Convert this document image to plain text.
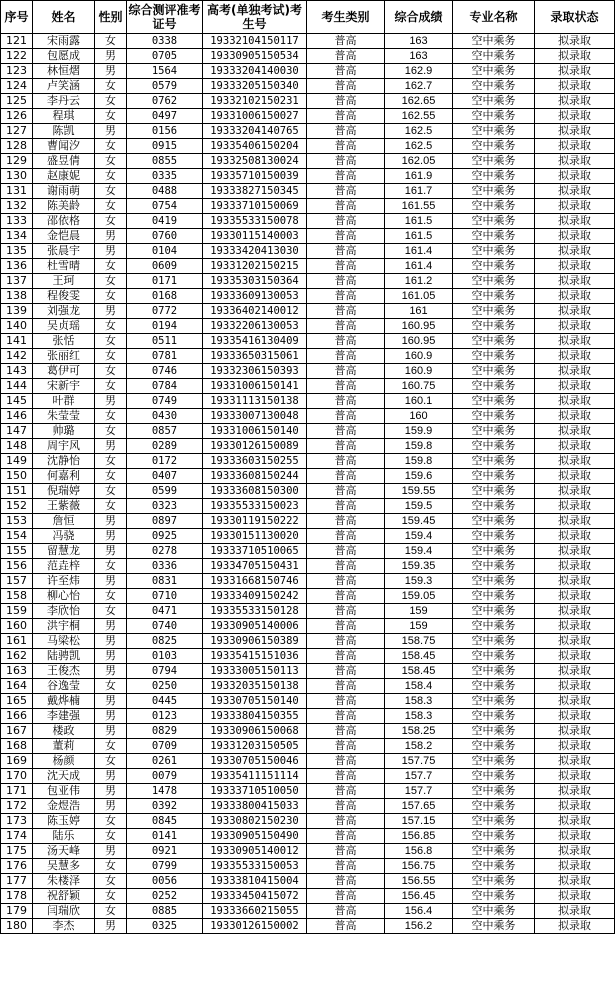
序号	姓名	性别	综合测评准考证号	高考(单独考试)考生号	考生类别	综合成绩	专业名称	录取状态
121	宋雨露	女	0338	19332104150117	普高	163	空中乘务	拟录取
122	包愿成	男	0705	19330905150534	普高	163	空中乘务	拟录取
123	林恒熠	男	1564	19333204140030	普高	162.9	空中乘务	拟录取
124	卢笑涵	女	0579	19333205150340	普高	162.7	空中乘务	拟录取
125	李丹云	女	0762	19332102150231	普高	162.65	空中乘务	拟录取
126	程琪	女	0497	19331006150027	普高	162.55	空中乘务	拟录取
127	陈凯	男	0156	19333204140765	普高	162.5	空中乘务	拟录取
128	曹闻汐	女	0915	19335406150204	普高	162.5	空中乘务	拟录取
129	盛昱倩	女	0855	19332508130024	普高	162.05	空中乘务	拟录取
130	赵康妮	女	0335	19335710150039	普高	161.9	空中乘务	拟录取
131	谢雨萌	女	0488	19333827150345	普高	161.7	空中乘务	拟录取
132	陈美龄	女	0754	19333710150069	普高	161.55	空中乘务	拟录取
133	邵依格	女	0419	19335533150078	普高	161.5	空中乘务	拟录取
134	金恺晨	男	0760	19330115140003	普高	161.5	空中乘务	拟录取
135	张晨宇	男	0104	19333420413030	普高	161.4	空中乘务	拟录取
136	杜雪晴	女	0609	19331202150215	普高	161.4	空中乘务	拟录取
137	王珂	女	0171	19335303150364	普高	161.2	空中乘务	拟录取
138	程俊雯	女	0168	19333609130053	普高	161.05	空中乘务	拟录取
139	刘强龙	男	0772	19336402140012	普高	161	空中乘务	拟录取
140	吴贞瑶	女	0194	19332206130053	普高	160.95	空中乘务	拟录取
141	张恬	女	0511	19335416130409	普高	160.95	空中乘务	拟录取
142	张丽红	女	0781	19333650315061	普高	160.9	空中乘务	拟录取
143	葛伊可	女	0746	19332306150393	普高	160.9	空中乘务	拟录取
144	宋新宇	女	0784	19331006150141	普高	160.75	空中乘务	拟录取
145	叶群	男	0749	19331113150138	普高	160.1	空中乘务	拟录取
146	朱莹莹	女	0430	19333007130048	普高	160	空中乘务	拟录取
147	帅璐	女	0857	19331006150140	普高	159.9	空中乘务	拟录取
148	周宇风	男	0289	19330126150089	普高	159.8	空中乘务	拟录取
149	沈静怡	女	0172	19333603150255	普高	159.8	空中乘务	拟录取
150	何嘉利	女	0407	19333608150244	普高	159.6	空中乘务	拟录取
151	倪瑞婷	女	0599	19333608150300	普高	159.55	空中乘务	拟录取
152	王紫薇	女	0323	19335533150023	普高	159.5	空中乘务	拟录取
153	詹恒	男	0897	19330119150222	普高	159.45	空中乘务	拟录取
154	冯骁	男	0925	19330151130020	普高	159.4	空中乘务	拟录取
155	留慧龙	男	0278	19333710510065	普高	159.4	空中乘务	拟录取
156	范垚梓	女	0336	19334705150431	普高	159.35	空中乘务	拟录取
157	许至炜	男	0831	19331668150746	普高	159.3	空中乘务	拟录取
158	柳心怡	女	0710	19333409150242	普高	159.05	空中乘务	拟录取
159	李欣怡	女	0471	19335533150128	普高	159	空中乘务	拟录取
160	洪宇桐	男	0740	19330905140006	普高	159	空中乘务	拟录取
161	马梁松	男	0825	19330906150389	普高	158.75	空中乘务	拟录取
162	陆骋凯	男	0103	19335415151036	普高	158.45	空中乘务	拟录取
163	王俊杰	男	0794	19333005150113	普高	158.45	空中乘务	拟录取
164	谷逸莹	女	0250	19332035150138	普高	158.4	空中乘务	拟录取
165	戴烨楠	男	0445	19330705150140	普高	158.3	空中乘务	拟录取
166	李建强	男	0123	19333804150355	普高	158.3	空中乘务	拟录取
167	楼政	男	0829	19330906150068	普高	158.25	空中乘务	拟录取
168	董莉	女	0709	19331203150505	普高	158.2	空中乘务	拟录取
169	杨颜	女	0261	19330705150046	普高	157.75	空中乘务	拟录取
170	沈天成	男	0079	19335411151114	普高	157.7	空中乘务	拟录取
171	包亚伟	男	1478	19333710510050	普高	157.7	空中乘务	拟录取
172	金煜浩	男	0392	19333800415033	普高	157.65	空中乘务	拟录取
173	陈玉婷	女	0845	19330802150230	普高	157.15	空中乘务	拟录取
174	陆乐	女	0141	19330905150490	普高	156.85	空中乘务	拟录取
175	汤天峰	男	0921	19330905140012	普高	156.8	空中乘务	拟录取
176	吴慧多	女	0799	19335533150053	普高	156.75	空中乘务	拟录取
177	朱楼泽	女	0056	19333810415004	普高	156.55	空中乘务	拟录取
178	祝舒颖	女	0252	19333450415072	普高	156.45	空中乘务	拟录取
179	闫瑞欣	女	0885	19333660215055	普高	156.4	空中乘务	拟录取
180	李杰	男	0325	19330126150002	普高	156.2	空中乘务	拟录取
